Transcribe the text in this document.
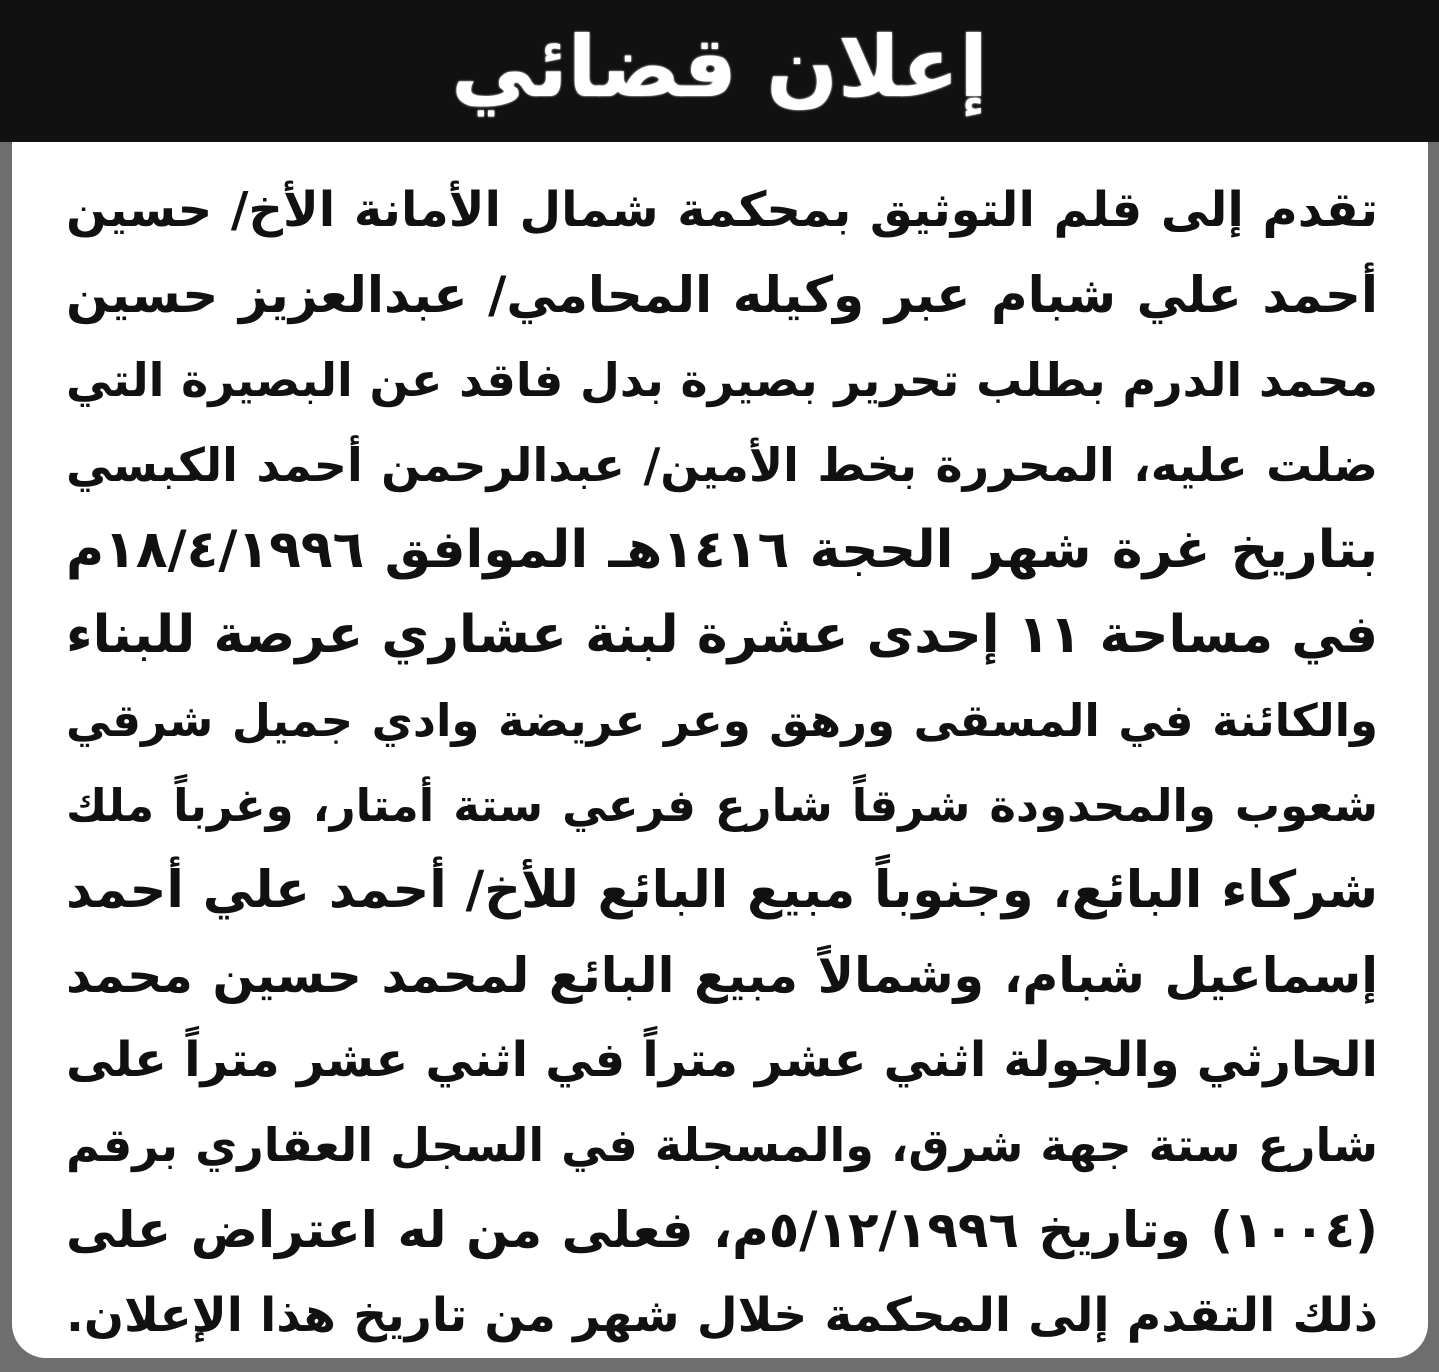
إعلان قضائي
تقدم إلى قلم التوثيق بمحكمة شمال الأمانة الأخ/ حسين
أحمد علي شبام عبر وكيله المحامي/ عبدالعزيز حسين
محمد الدرم بطلب تحرير بصيرة بدل فاقد عن البصيرة التي
ضلت عليه، المحررة بخط الأمين/ عبدالرحمن أحمد الكبسي
بتاريخ غرة شهر الحجة ١٤١٦هـ الموافق ١٨/٤/١٩٩٦م
في مساحة ١١ إحدى عشرة لبنة عشاري عرصة للبناء
والكائنة في المسقى ورهق وعر عريضة وادي جميل شرقي
شعوب والمحدودة شرقاً شارع فرعي ستة أمتار، وغرباً ملك
شركاء البائع، وجنوباً مبيع البائع للأخ/ أحمد علي أحمد
إسماعيل شبام، وشمالاً مبيع البائع لمحمد حسين محمد
الحارثي والجولة اثني عشر متراً في اثني عشر متراً على
شارع ستة جهة شرق، والمسجلة في السجل العقاري برقم
(١٠٠٤) وتاريخ ٥/١٢/١٩٩٦م، فعلى من له اعتراض على
ذلك التقدم إلى المحكمة خلال شهر من تاريخ هذا الإعلان.
